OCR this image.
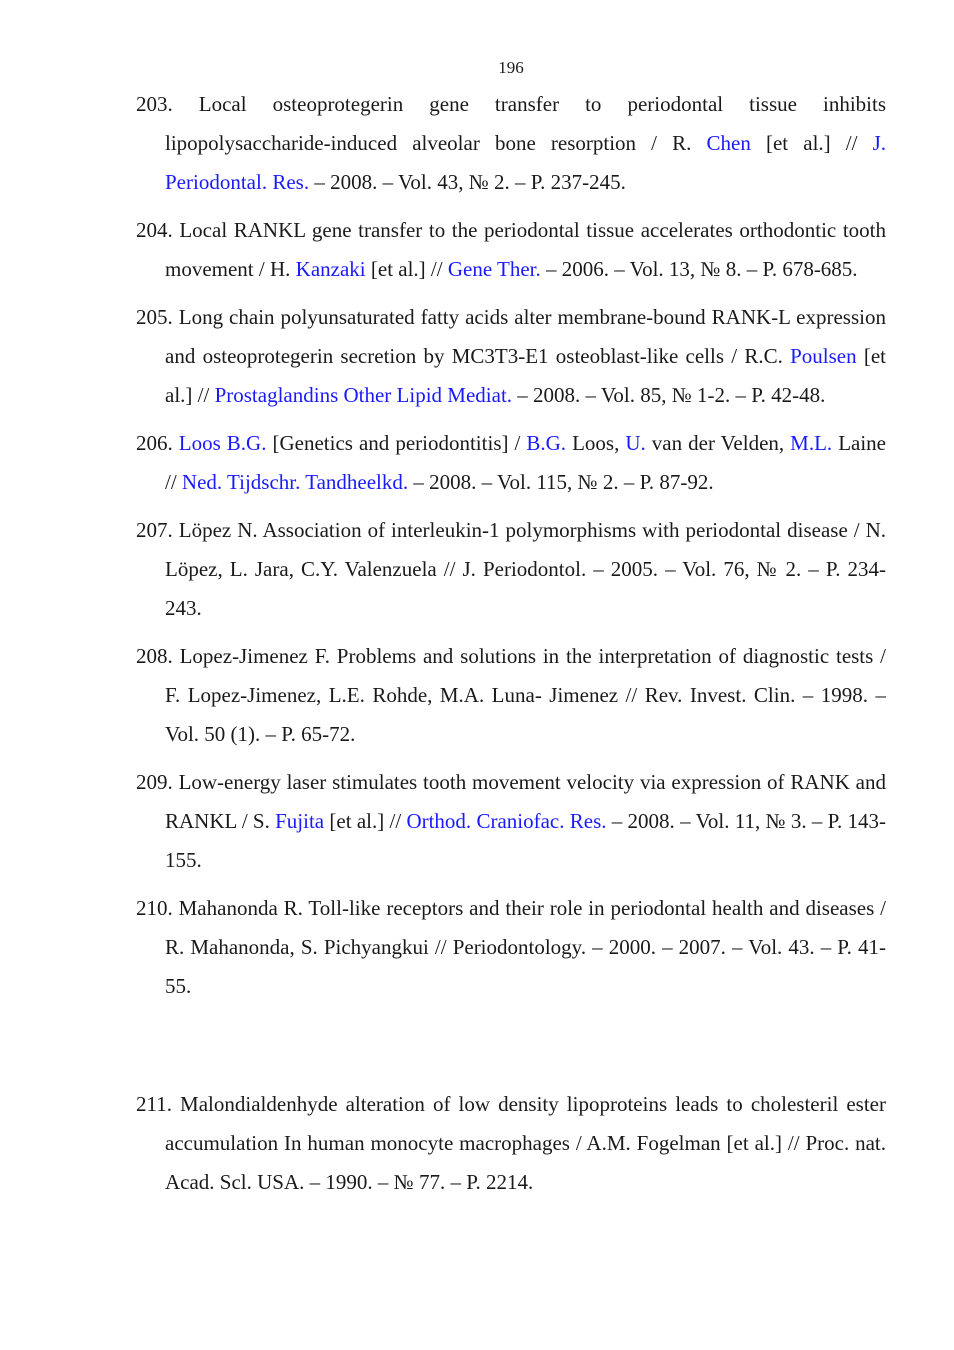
196

203. Local osteoprotegerin gene transfer to periodontal tissue inhibits lipopolysaccharide-induced alveolar bone resorption / R. Chen [et al.] // J. Periodontal. Res. – 2008. – Vol. 43, № 2. – P. 237-245.

204. Local RANKL gene transfer to the periodontal tissue accelerates orthodontic tooth movement / H. Kanzaki [et al.] // Gene Ther. – 2006. – Vol. 13, № 8. – P. 678-685.

205. Long chain polyunsaturated fatty acids alter membrane-bound RANK-L expression and osteoprotegerin secretion by MC3T3-E1 osteoblast-like cells / R.C. Poulsen [et al.] // Prostaglandins Other Lipid Mediat. – 2008. – Vol. 85, № 1-2. – P. 42-48.

206. Loos B.G. [Genetics and periodontitis] / B.G. Loos, U. van der Velden, M.L. Laine // Ned. Tijdschr. Tandheelkd. – 2008. – Vol. 115, № 2. – P. 87-92.

207. Löpez N. Association of interleukin-1 polymorphisms with periodontal disease / N. Löpez, L. Jara, C.Y. Valenzuela // J. Periodontol. – 2005. – Vol. 76, № 2. – P. 234-243.

208. Lopez-Jimenez F. Problems and solutions in the interpretation of diagnostic tests / F. Lopez-Jimenez, L.E. Rohde, M.A. Luna- Jimenez // Rev. Invest. Clin. – 1998. – Vol. 50 (1). – P. 65-72.

209. Low-energy laser stimulates tooth movement velocity via expression of RANK and RANKL / S. Fujita [et al.] // Orthod. Craniofac. Res. – 2008. – Vol. 11, № 3. – P. 143-155.

210. Mahanonda R. Toll-like receptors and their role in periodontal health and diseases / R. Mahanonda, S. Pichyangkui // Periodontology. – 2000. – 2007. – Vol. 43. – P. 41-55.

211. Malondialdenhyde alteration of low density lipoproteins leads to cholesteril ester accumulation In human monocyte macrophages / A.M. Fogelman [et al.] // Proc. nat. Acad. Scl. USA. – 1990. – № 77. – P. 2214.
